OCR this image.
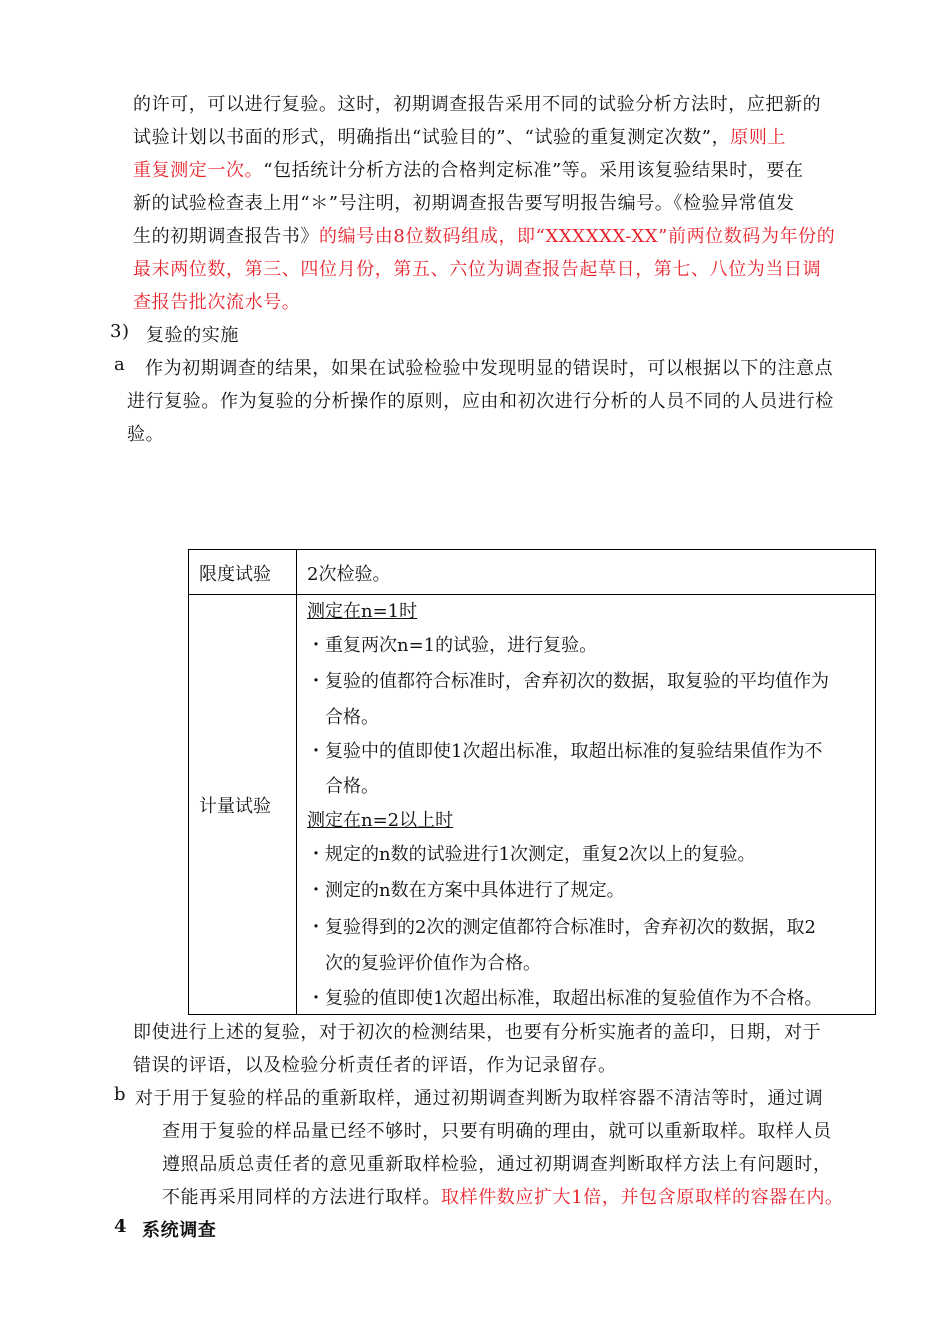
的许可，可以进行复验。这时，初期调查报告采用不同的试验分析方法时，应把新的
试验计划以书面的形式，明确指出“试验目的”、“试验的重复测定次数”，原则上
重复测定一次。“包括统计分析方法的合格判定标准”等。采用该复验结果时，要在
新的试验检查表上用“＊”号注明，初期调查报告要写明报告编号。《检验异常值发
生的初期调查报告书》的编号由8位数码组成，即“XXXXXX-XX”前两位数码为年份的
最末两位数，第三、四位月份，第五、六位为调查报告起草日，第七、八位为当日调
查报告批次流水号。
3) 复验的实施
a 作为初期调查的结果，如果在试验检验中发现明显的错误时，可以根据以下的注意点
进行复验。作为复验的分析操作的原则，应由和初次进行分析的人员不同的人员进行检
验。
限度试验 2次检验。
计量试验
测定在n=1时
・重复两次n=1的试验，进行复验。
・复验的值都符合标准时，舍弃初次的数据，取复验的平均值作为
合格。
・复验中的值即使1次超出标准，取超出标准的复验结果值作为不
合格。
测定在n=2以上时
・规定的n数的试验进行1次测定，重复2次以上的复验。
・测定的n数在方案中具体进行了规定。
・复验得到的2次的测定值都符合标准时，舍弃初次的数据，取2
次的复验评价值作为合格。
・复验的值即使1次超出标准，取超出标准的复验值作为不合格。
即使进行上述的复验，对于初次的检测结果，也要有分析实施者的盖印，日期，对于
错误的评语，以及检验分析责任者的评语，作为记录留存。
b 对于用于复验的样品的重新取样，通过初期调查判断为取样容器不清洁等时，通过调
查用于复验的样品量已经不够时，只要有明确的理由，就可以重新取样。取样人员
遵照品质总责任者的意见重新取样检验，通过初期调查判断取样方法上有问题时，
不能再采用同样的方法进行取样。取样件数应扩大1倍，并包含原取样的容器在内。
4 系统调查
